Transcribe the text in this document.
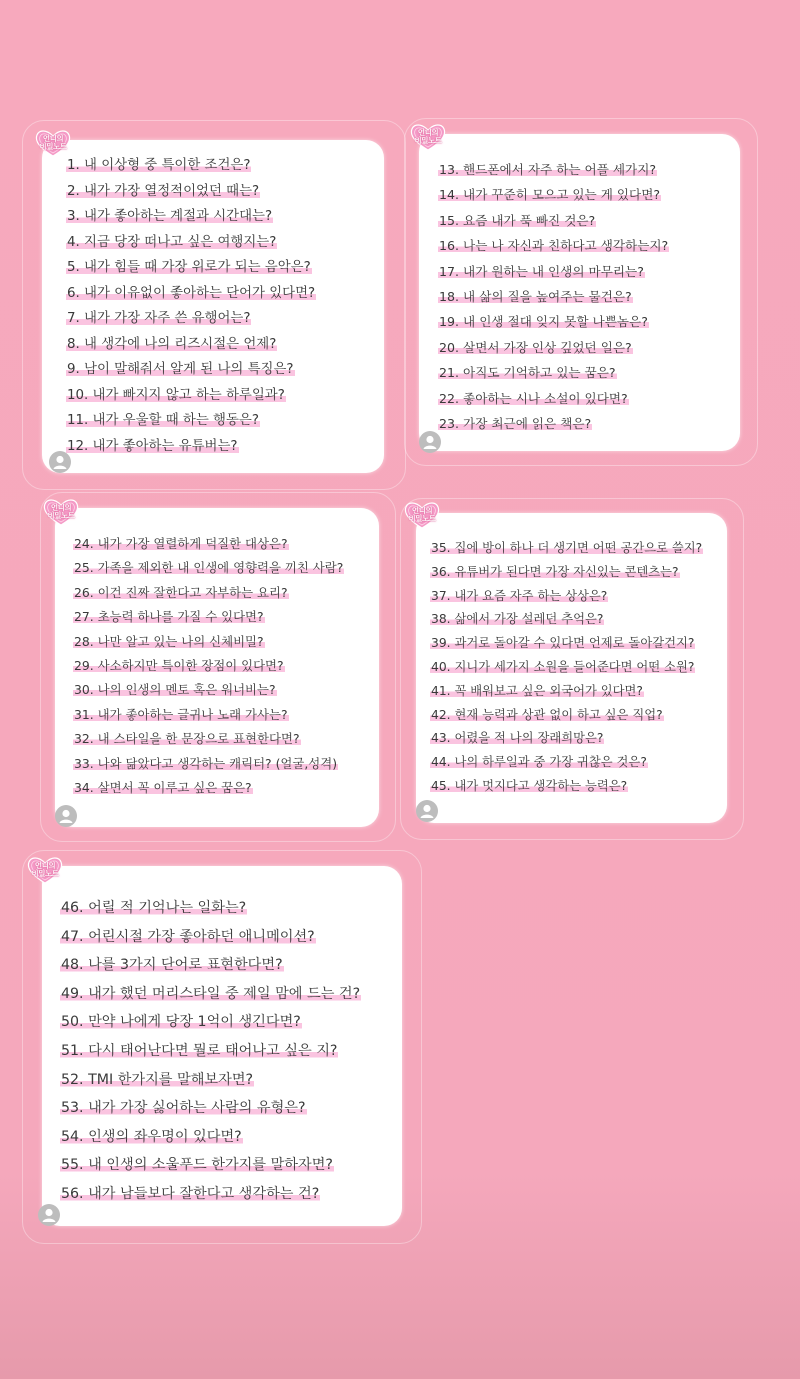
1. 내 이상형 중 특이한 조건은?
2. 내가 가장 열정적이었던 때는?
3. 내가 좋아하는 계절과 시간대는?
4. 지금 당장 떠나고 싶은 여행지는?
5. 내가 힘들 때 가장 위로가 되는 음악은?
6. 내가 이유없이 좋아하는 단어가 있다면?
7. 내가 가장 자주 쓴 유행어는?
8. 내 생각에 나의 리즈시절은 언제?
9. 남이 말해줘서 알게 된 나의 특징은?
10. 내가 빠지지 않고 하는 하루일과?
11. 내가 우울할 때 하는 행동은?
12. 내가 좋아하는 유튜버는?
언니의
비밀노트
13. 핸드폰에서 자주 하는 어플 세가지?
14. 내가 꾸준히 모으고 있는 게 있다면?
15. 요즘 내가 푹 빠진 것은?
16. 나는 나 자신과 친하다고 생각하는지?
17. 내가 원하는 내 인생의 마무리는?
18. 내 삶의 질을 높여주는 물건은?
19. 내 인생 절대 잊지 못할 나쁜놈은?
20. 살면서 가장 인상 깊었던 일은?
21. 아직도 기억하고 있는 꿈은?
22. 좋아하는 시나 소설이 있다면?
23. 가장 최근에 읽은 책은?
언니의
비밀노트
24. 내가 가장 열렬하게 덕질한 대상은?
25. 가족을 제외한 내 인생에 영향력을 끼친 사람?
26. 이건 진짜 잘한다고 자부하는 요리?
27. 초능력 하나를 가질 수 있다면?
28. 나만 알고 있는 나의 신체비밀?
29. 사소하지만 특이한 장점이 있다면?
30. 나의 인생의 멘토 혹은 워너비는?
31. 내가 좋아하는 글귀나 노래 가사는?
32. 내 스타일을 한 문장으로 표현한다면?
33. 나와 닮았다고 생각하는 캐릭터? (얼굴,성격)
34. 살면서 꼭 이루고 싶은 꿈은?
언니의
비밀노트
35. 집에 방이 하나 더 생기면 어떤 공간으로 쓸지?
36. 유튜버가 된다면 가장 자신있는 콘텐츠는?
37. 내가 요즘 자주 하는 상상은?
38. 삶에서 가장 설레던 추억은?
39. 과거로 돌아갈 수 있다면 언제로 돌아갈건지?
40. 지니가 세가지 소원을 들어준다면 어떤 소원?
41. 꼭 배워보고 싶은 외국어가 있다면?
42. 현재 능력과 상관 없이 하고 싶은 직업?
43. 어렸을 적 나의 장래희망은?
44. 나의 하루일과 중 가장 귀찮은 것은?
45. 내가 멋지다고 생각하는 능력은?
언니의
비밀노트
46. 어릴 적 기억나는 일화는?
47. 어린시절 가장 좋아하던 애니메이션?
48. 나를 3가지 단어로 표현한다면?
49. 내가 했던 머리스타일 중 제일 맘에 드는 건?
50. 만약 나에게 당장 1억이 생긴다면?
51. 다시 태어난다면 뭘로 태어나고 싶은 지?
52. TMI 한가지를 말해보자면?
53. 내가 가장 싫어하는 사람의 유형은?
54. 인생의 좌우명이 있다면?
55. 내 인생의 소울푸드 한가지를 말하자면?
56. 내가 남들보다 잘한다고 생각하는 건?
언니의
비밀노트
